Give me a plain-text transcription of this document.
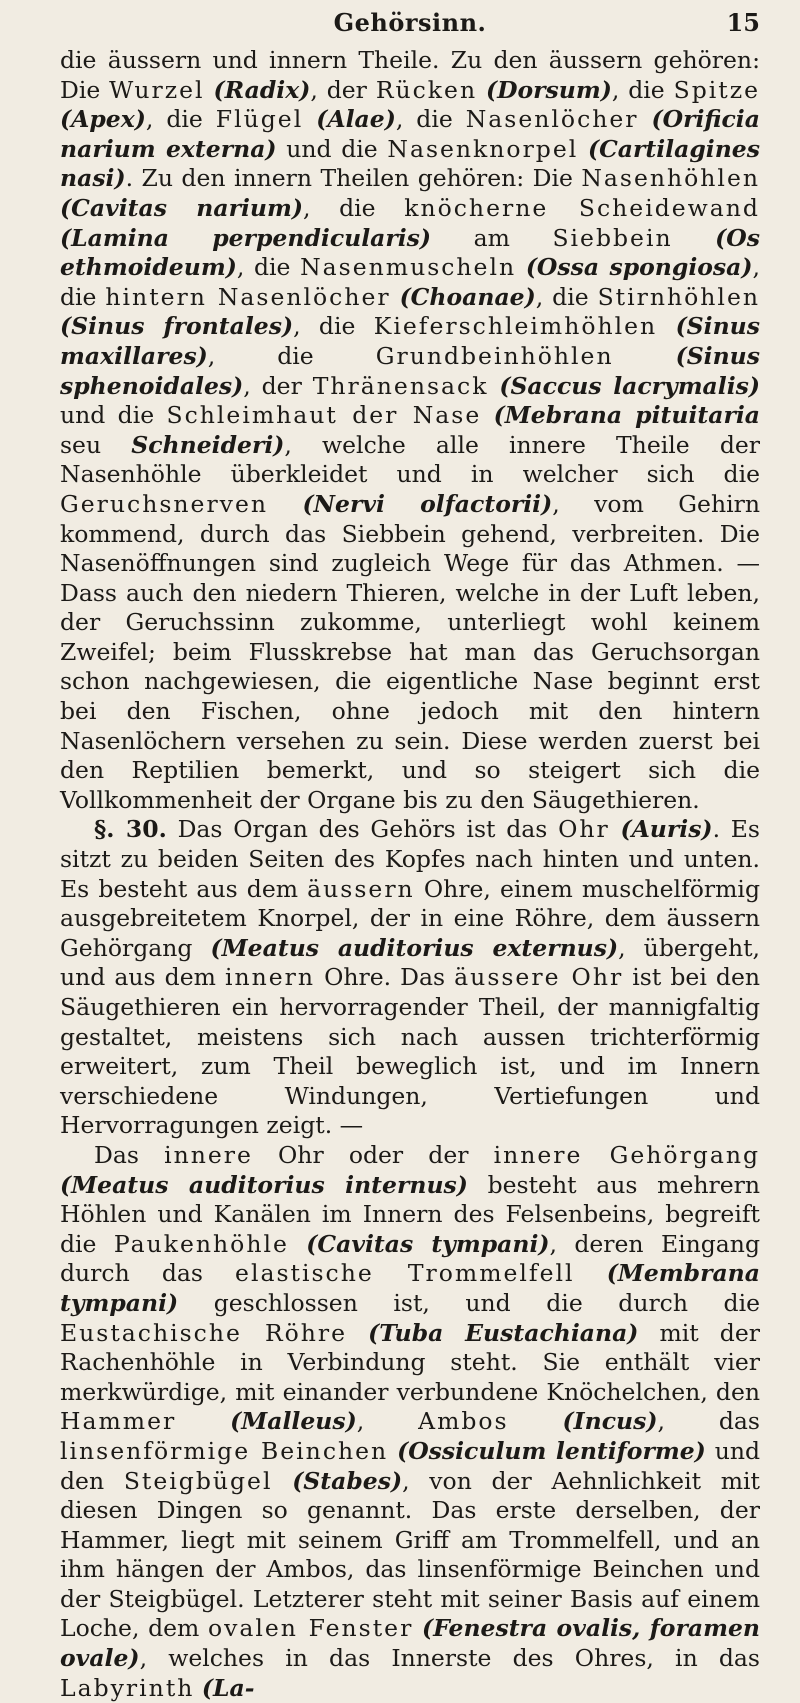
Gehörsinn.	15

die äussern und innern Theile. Zu den äussern gehören: Die Wurzel (Radix), der Rücken (Dorsum), die Spitze (Apex), die Flügel (Alae), die Nasenlöcher (Orificia narium externa) und die Nasenknorpel (Cartilagines nasi). Zu den innern Theilen gehören: Die Nasenhöhlen (Cavitas narium), die knöcherne Scheidewand (Lamina perpendicularis) am Siebbein (Os ethmoideum), die Nasenmuscheln (Ossa spongiosa), die hintern Nasenlöcher (Choanae), die Stirnhöhlen (Sinus frontales), die Kieferschleimhöhlen (Sinus maxillares), die Grundbeinhöhlen	(Sinus sphenoidales), der Thränensack (Saccus lacrymalis) und die Schleimhaut der Nase (Mebrana pituitaria seu Schneideri), welche alle innere Theile der Nasenhöhle überkleidet und in welcher sich die Geruchsnerven (Nervi olfactorii), vom Gehirn kommend, durch das Siebbein gehend, verbreiten. Die Nasenöffnungen sind zugleich Wege für das Athmen. — Dass auch den niedern Thieren, welche in der Luft leben, der Geruchssinn zukomme, unterliegt wohl keinem Zweifel; beim Flusskrebse hat man das Geruchsorgan schon nachgewiesen, die eigentliche Nase beginnt erst bei den Fischen, ohne jedoch mit den hintern Nasenlöchern versehen zu sein. Diese werden zuerst bei den Reptilien bemerkt, und so steigert sich die Vollkommenheit der Organe bis zu den Säugethieren.

§. 30. Das Organ des Gehörs ist das Ohr (Auris). Es sitzt zu beiden Seiten des Kopfes nach hinten und unten. Es besteht aus dem äussern Ohre, einem muschelförmig ausgebreitetem Knorpel, der in eine Röhre, dem äussern Gehörgang (Meatus auditorius externus), übergeht, und aus dem innern Ohre. Das äussere Ohr ist bei den Säugethieren ein hervorragender Theil, der mannigfaltig gestaltet, meistens sich nach aussen trichterförmig erweitert, zum Theil beweglich ist, und im Innern verschiedene Windungen, Vertiefungen und Hervorragungen zeigt. —

Das innere Ohr oder der innere Gehörgang (Meatus auditorius internus) besteht aus mehrern Höhlen und Kanälen im Innern des Felsenbeins, begreift die Paukenhöhle (Cavitas tympani), deren Eingang durch das elastische Trommelfell (Membrana tympani) geschlossen ist, und die durch die Eustachische Röhre (Tuba Eustachiana) mit der Rachenhöhle in Verbindung steht. Sie enthält vier merkwürdige, mit einander verbundene Knöchelchen, den Hammer (Malleus), Ambos (Incus), das linsenförmige Beinchen (Ossiculum lentiforme) und den Steigbügel (Stabes), von der Aehnlichkeit mit diesen Dingen so genannt. Das erste derselben, der Hammer, liegt mit seinem Griff am Trommelfell, und an ihm hängen der Ambos, das linsenförmige Beinchen und der Steigbügel. Letzterer steht mit seiner Basis auf einem Loche, dem ovalen Fenster (Fenestra ovalis, foramen ovale), welches in das Innerste des Ohres, in das Labyrinth (La-
